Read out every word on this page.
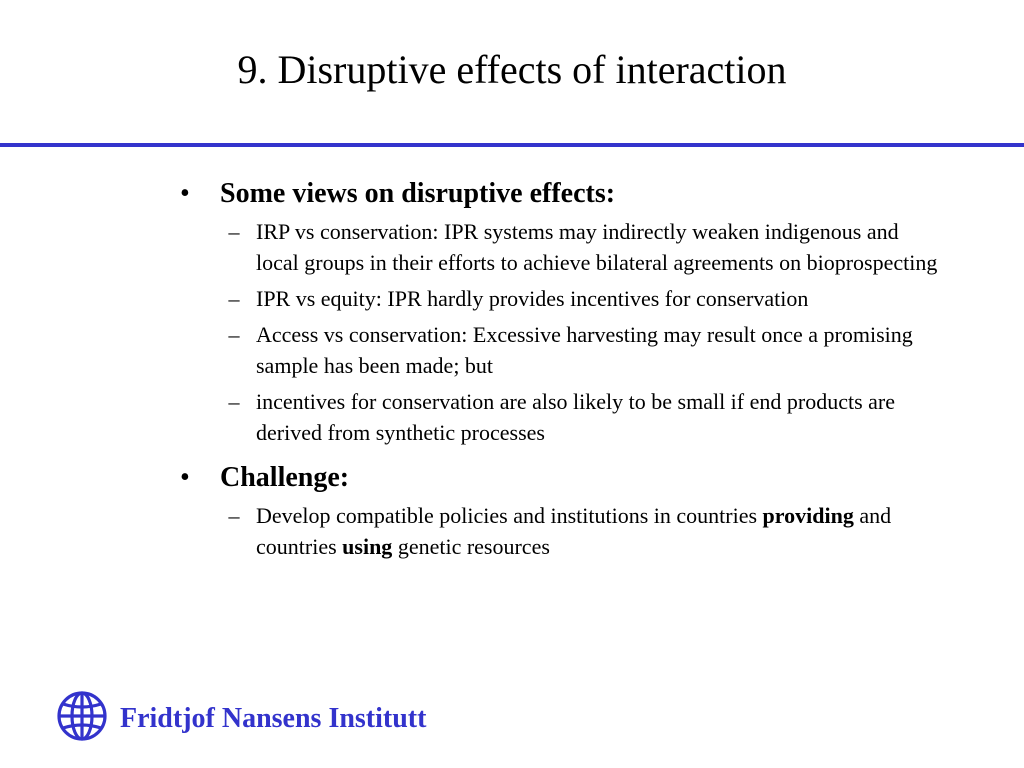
9. Disruptive effects of interaction
•	Some views on disruptive effects:
– IRP vs conservation: IPR systems may indirectly weaken indigenous and local groups in their efforts to achieve bilateral agreements on bioprospecting
– IPR vs equity: IPR hardly provides incentives for conservation
– Access vs conservation: Excessive harvesting may result once a promising sample has been made; but
– incentives for conservation are also likely to be small if end products are derived from synthetic processes
•	Challenge:
– Develop compatible policies and institutions in countries providing and countries using genetic resources
Fridtjof Nansens Institutt
